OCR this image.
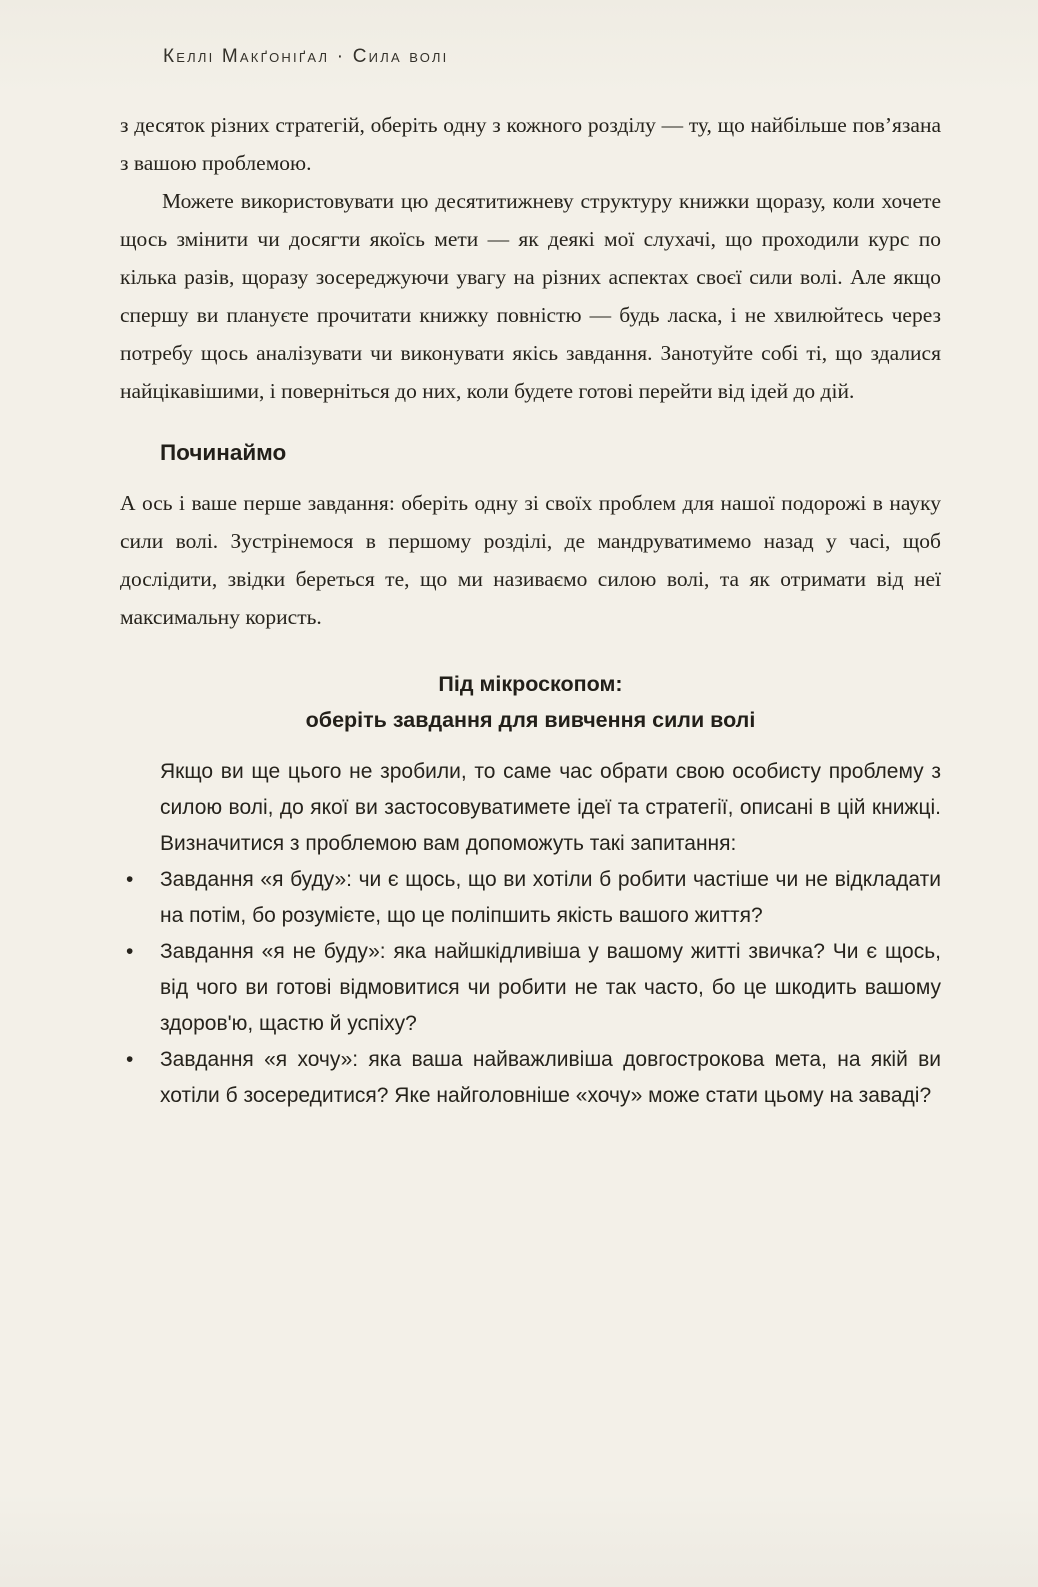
Келлі Макґоніґал · Сила волі

з десяток різних стратегій, оберіть одну з кожного розділу — ту, що найбільше пов’язана з вашою проблемою.

Можете використовувати цю десятитижневу структуру книжки щоразу, коли хочете щось змінити чи досягти якоїсь мети — як деякі мої слухачі, що проходили курс по кілька разів, щоразу зосереджуючи увагу на різних аспектах своєї сили волі. Але якщо спершу ви плануєте прочитати книжку повністю — будь ласка, і не хвилюйтесь через потребу щось аналізувати чи виконувати якісь завдання. Занотуйте собі ті, що здалися найцікавішими, і поверніться до них, коли будете готові перейти від ідей до дій.

Починаймо

А ось і ваше перше завдання: оберіть одну зі своїх проблем для нашої подорожі в науку сили волі. Зустрінемося в першому розділі, де мандруватимемо назад у часі, щоб дослідити, звідки береться те, що ми називаємо силою волі, та як отримати від неї максимальну користь.

Під мікроскопом:
оберіть завдання для вивчення сили волі

Якщо ви ще цього не зробили, то саме час обрати свою особисту проблему з силою волі, до якої ви застосовуватимете ідеї та стратегії, описані в цій книжці. Визначитися з проблемою вам допоможуть такі запитання:

• Завдання «я буду»: чи є щось, що ви хотіли б робити частіше чи не відкладати на потім, бо розумієте, що це поліпшить якість вашого життя?
• Завдання «я не буду»: яка найшкідливіша у вашому житті звичка? Чи є щось, від чого ви готові відмовитися чи робити не так часто, бо це шкодить вашому здоров'ю, щастю й успіху?
• Завдання «я хочу»: яка ваша найважливіша довгострокова мета, на якій ви хотіли б зосередитися? Яке найголовніше «хочу» може стати цьому на заваді?
